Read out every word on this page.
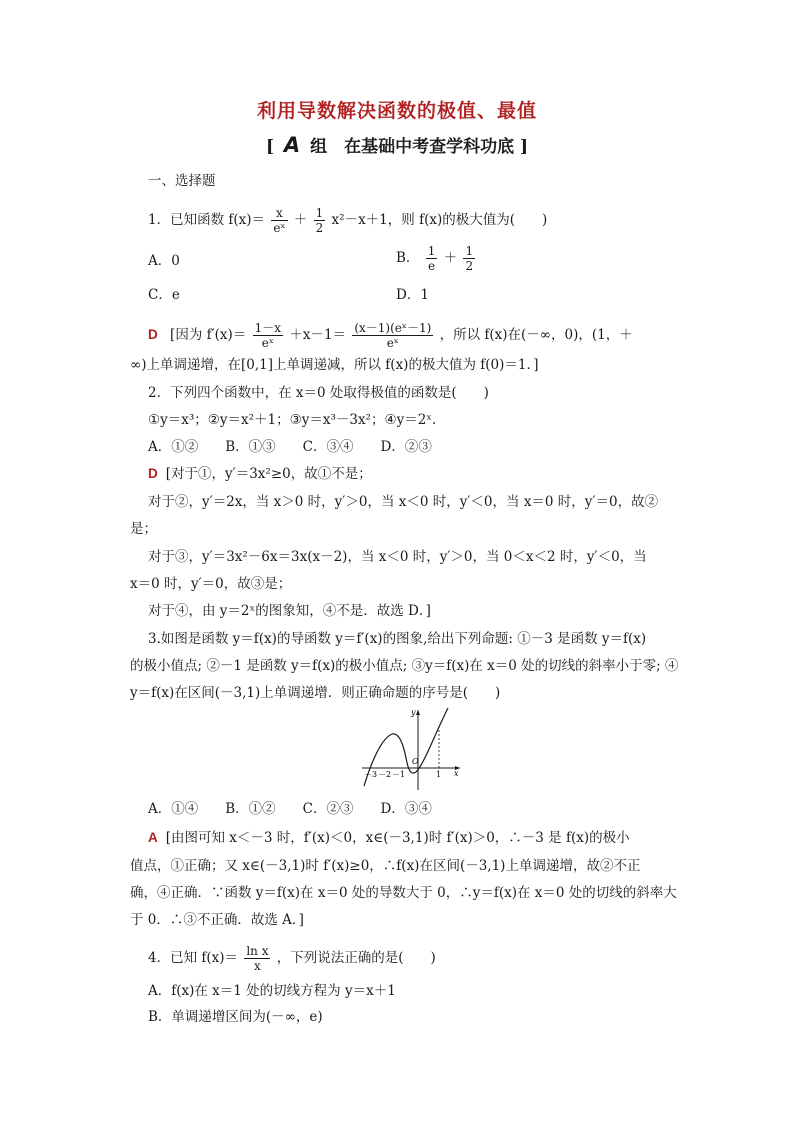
利用导数解决函数的极值、最值
[ A 组　在基础中考查学科功底 ]
一、选择题
1．已知函数 $f(x)= \frac{x}{\text{eˣ}} + \frac{1}{2} x^2-x+1$，则 f(x)的极大值为(　　)
A．0	B． $\frac{1}{e} + \frac{1}{2}$
C．e	D．1
D [因为 $f'(x)= \frac{1-x}{\text{eˣ}} +x-1= \frac{\text{(x－1)(eˣ－1)}}{\text{eˣ}}$ ，所以 f(x)在(－∞，0)，(1，＋
∞)上单调递增，在[0,1]上单调递减，所以 f(x)的极大值为 f(0)＝1．]
2．下列四个函数中，在 x＝0 处取得极值的函数是(　　)
①y＝x³；②y＝x²＋1；③y＝x³－3x²；④y＝2ˣ.
A．①②　　B．①③　　C．③④　　D．②③
D [对于①，y′＝3x²≥0，故①不是；
对于②，y′＝2x，当 x＞0 时，y′＞0，当 x＜0 时，y′＜0，当 x＝0 时，y′＝0，故②
是；
对于③，y′＝3x²－6x＝3x(x－2)，当 x＜0 时，y′＞0，当 0＜x＜2 时，y′＜0，当
x＝0 时，y′＝0，故③是；
对于④，由 y＝2ˣ的图象知，④不是．故选 D．]
3.如图是函数 y＝f(x)的导函数 y＝f′(x)的图象,给出下列命题: ①－3 是函数 y＝f(x)
的极小值点; ②－1 是函数 y＝f(x)的极小值点; ③y＝f(x)在 x＝0 处的切线的斜率小于零; ④
y＝f(x)在区间(－3,1)上单调递增．则正确命题的序号是(　　)
y
x
O
－3 －2 －1	1
A．①④　　B．①②　　C．②③　　D．③④
A [由图可知 x＜－3 时，f′(x)＜0，x∈(－3,1)时 f′(x)＞0，∴－3 是 f(x)的极小
值点，①正确；又 x∈(－3,1)时 f′(x)≥0，∴f(x)在区间(－3,1)上单调递增，故②不正
确，④正确．∵函数 y＝f(x)在 x＝0 处的导数大于 0，∴y＝f(x)在 x＝0 处的切线的斜率大
于 0．∴③不正确．故选 A．]
4．已知 $f(x)= \frac{\text{ln x}}{x}$ ，下列说法正确的是(　　)
A．f(x)在 x＝1 处的切线方程为 y＝x＋1
B．单调递增区间为(－∞，e)
